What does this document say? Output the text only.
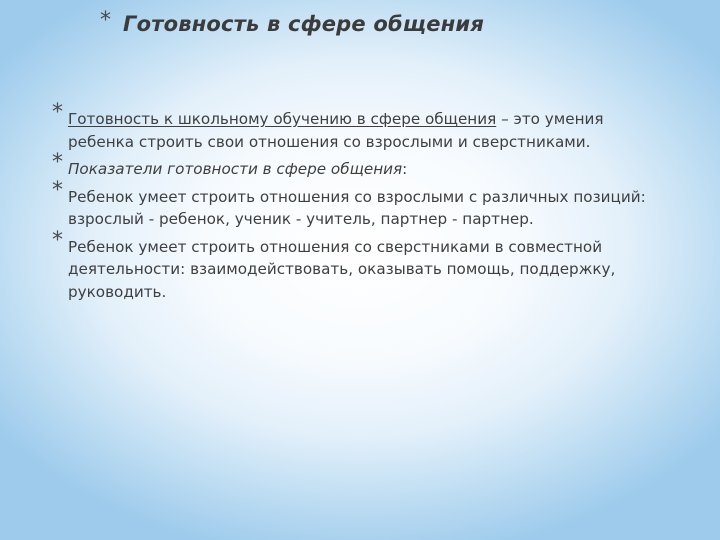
* Готовность в сфере общения
* Готовность к школьному обучению в сфере общения – это умения ребенка строить свои отношения со взрослыми и сверстниками.
* Показатели готовности в сфере общения:
* Ребенок умеет строить отношения со взрослыми с различных позиций: взрослый - ребенок, ученик - учитель, партнер - партнер.
* Ребенок умеет строить отношения со сверстниками в совместной деятельности: взаимодействовать, оказывать помощь, поддержку, руководить.
